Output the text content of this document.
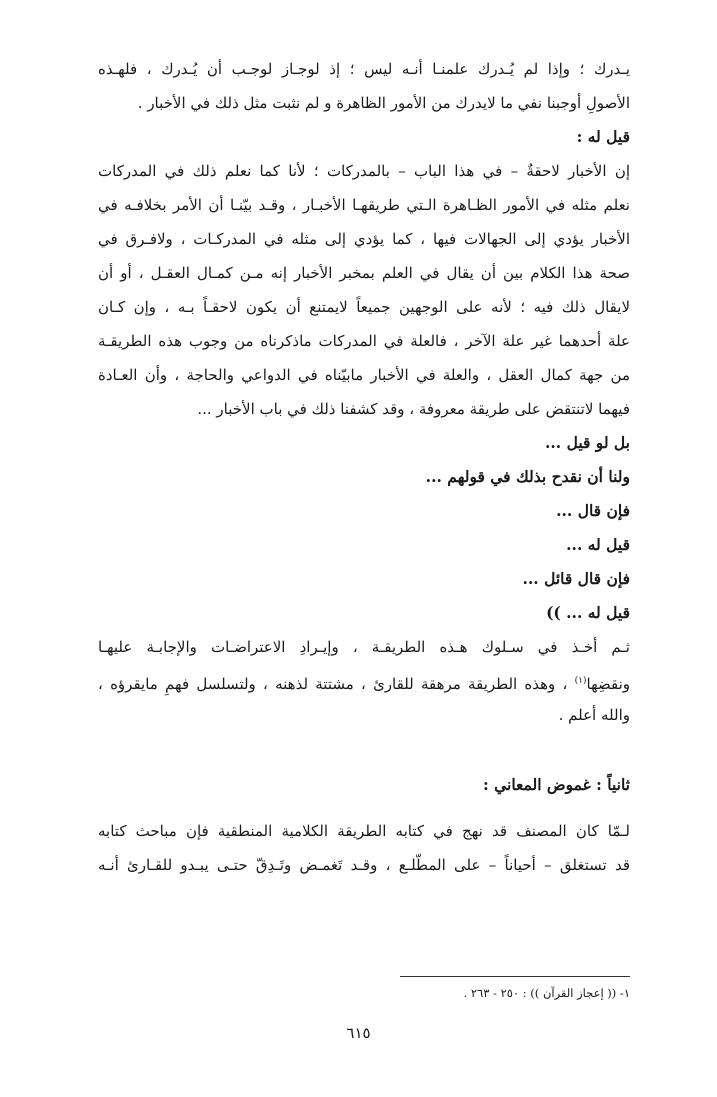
يـدرك ؛ وإذا لم يُـدرك علمنـا أنـه ليس ؛ إذ لوجـاز لوجـب أن يُـدرك ، فلهـذه
الأصولِ أوجبنا نفي ما لايدرك من الأمور الظاهرة و لم نثبت مثل ذلك في الأخبار .
قيل له :
إن الأخبار لاحقةٌ – في هذا الباب – بالمدركات ؛ لأنا كما نعلم ذلك في المدركات
نعلم مثله في الأمور الظـاهرة الـتي طريقهـا الأخبـار ، وقـد بيّنـا أن الأمر بخلافـه في
الأخبار يؤدي إلى الجهالات فيها ، كما يؤدي إلى مثله في المدركـات ، ولافـرق في
صحة هذا الكلام بين أن يقال في العلم بمخبر الأخبار إنه مـن كمـال العقـل ، أو أن
لايقال ذلك فيه ؛ لأنه على الوجهين جميعاً لايمتنع أن يكون لاحقـاً بـه ، وإن كـان
علة أحدهما غير علة الآخر ، فالعلة في المدركات ماذكرناه من وجوب هذه الطريقـة
من جهة كمال العقل ، والعلة في الأخبار مابيّناه في الدواعي والحاجة ، وأن العـادة
فيهما لاتنتقض على طريقة معروفة ، وقد كشفنا ذلك في باب الأخبار ...
بل لو قيل ...
ولنا أن نقدح بذلك في قولهم ...
فإن قال ...
قيل له ...
فإن قال قائل ...
قيل له ... ))
ثـم أخـذ في سـلوك هـذه الطريقـة ، وإيـرادِ الاعتراضـات والإجابـة عليهـا
ونقضِها$^{(١)}$ ، وهذه الطريقة مرهقة للقارئ ، مشتتة لذهنه ، ولتسلسل فهمِ مايقرؤه ،
والله أعلم .
ثانياً : غموض المعاني :
لـمّا كان المصنف قد نهج في كتابه الطريقة الكلامية المنطقية فإن مباحث كتابه
قد تستغلق – أحياناً – على المطّلـع ، وقـد تَغمـض وتَـدِقّ حتـى يبـدو للقـارئ أنـه
١- (( إعجاز القرآن )) : ٢٥٠ - ٢٦٣ .
٦١٥
